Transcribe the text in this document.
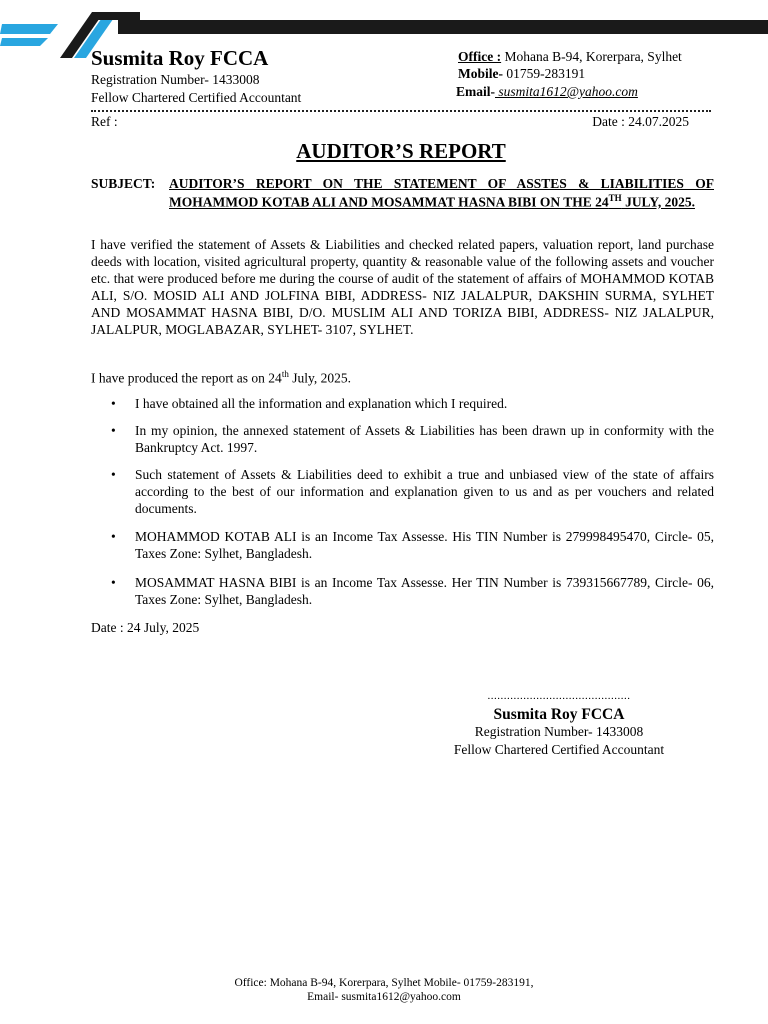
Susmita Roy FCCA
Registration Number- 1433008
Fellow Chartered Certified Accountant
Office : Mohana B-94, Korerpara, Sylhet
Mobile- 01759-283191
Email- susmita1612@yahoo.com
Ref :	Date : 24.07.2025
AUDITOR’S REPORT
SUBJECT: AUDITOR’S REPORT ON THE STATEMENT OF ASSTES & LIABILITIES OF MOHAMMOD KOTAB ALI AND MOSAMMAT HASNA BIBI ON THE 24TH JULY, 2025.
I have verified the statement of Assets & Liabilities and checked related papers, valuation report, land purchase deeds with location, visited agricultural property, quantity & reasonable value of the following assets and voucher etc. that were produced before me during the course of audit of the statement of affairs of MOHAMMOD KOTAB ALI, S/O. MOSID ALI AND JOLFINA BIBI, ADDRESS- NIZ JALALPUR, DAKSHIN SURMA, SYLHET AND MOSAMMAT HASNA BIBI, D/O. MUSLIM ALI AND TORIZA BIBI, ADDRESS- NIZ JALALPUR, JALALPUR, MOGLABAZAR, SYLHET- 3107, SYLHET.
I have produced the report as on 24th July, 2025.
• I have obtained all the information and explanation which I required.
• In my opinion, the annexed statement of Assets & Liabilities has been drawn up in conformity with the Bankruptcy Act. 1997.
• Such statement of Assets & Liabilities deed to exhibit a true and unbiased view of the state of affairs according to the best of our information and explanation given to us and as per vouchers and related documents.
• MOHAMMOD KOTAB ALI is an Income Tax Assesse. His TIN Number is 279998495470, Circle- 05, Taxes Zone: Sylhet, Bangladesh.
• MOSAMMAT HASNA BIBI is an Income Tax Assesse. Her TIN Number is 739315667789, Circle- 06, Taxes Zone: Sylhet, Bangladesh.
Date : 24 July, 2025
............................................
Susmita Roy FCCA
Registration Number- 1433008
Fellow Chartered Certified Accountant
Office: Mohana B-94, Korerpara, Sylhet Mobile- 01759-283191,
Email- susmita1612@yahoo.com
